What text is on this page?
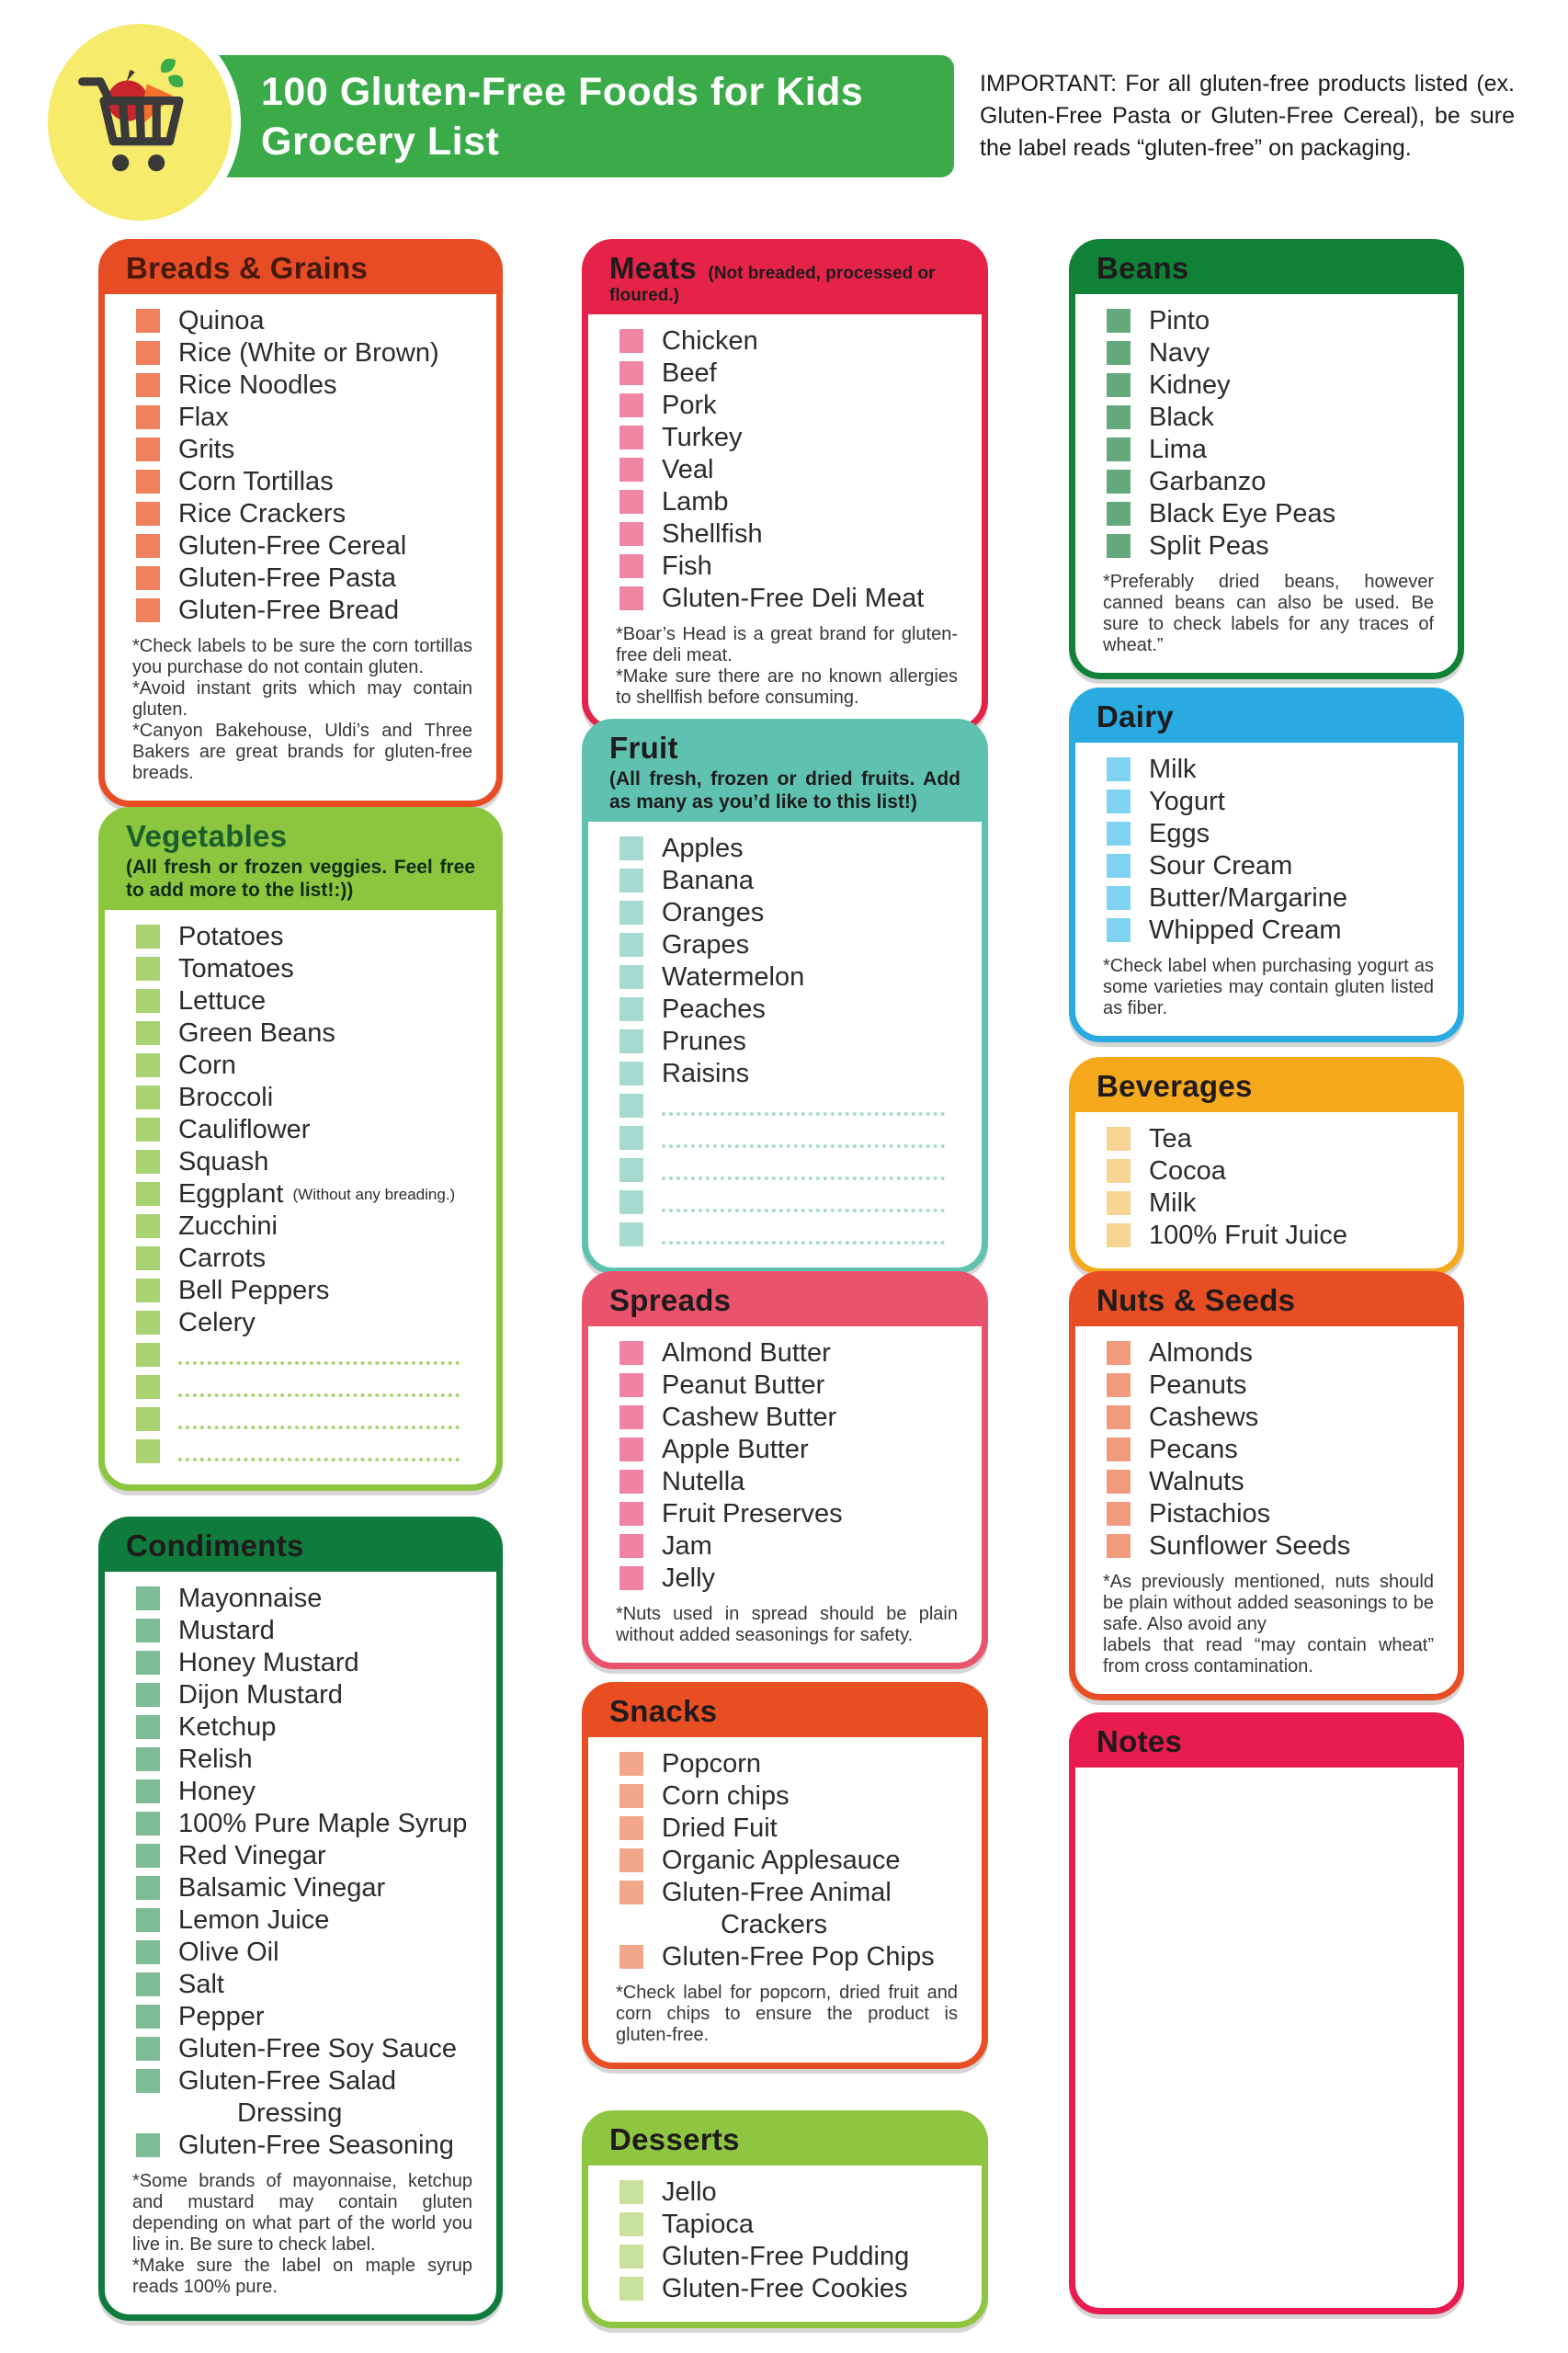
100 Gluten-Free Foods for Kids
Grocery List

IMPORTANT: For all gluten-free products listed (ex. Gluten-Free Pasta or Gluten-Free Cereal), be sure the label reads “gluten-free” on packaging.

Breads & Grains
Quinoa
Rice (White or Brown)
Rice Noodles
Flax
Grits
Corn Tortillas
Rice Crackers
Gluten-Free Cereal
Gluten-Free Pasta
Gluten-Free Bread

*Check labels to be sure the corn tortillas you purchase do not contain gluten.

*Avoid instant grits which may contain gluten.

*Canyon Bakehouse, Uldi’s and Three Bakers are great brands for gluten-free breads.

Vegetables
(All fresh or frozen veggies. Feel free to add more to the list!:))
Potatoes
Tomatoes
Lettuce
Green Beans
Corn
Broccoli
Cauliflower
Squash
Eggplant (Without any breading.)
Zucchini
Carrots
Bell Peppers
Celery
Condiments
Mayonnaise
Mustard
Honey Mustard
Dijon Mustard
Ketchup
Relish
Honey
100% Pure Maple Syrup
Red Vinegar
Balsamic Vinegar
Lemon Juice
Olive Oil
Salt
Pepper
Gluten-Free Soy Sauce
Gluten-Free Salad Dressing
Gluten-Free Seasoning

*Some brands of mayonnaise, ketchup and mustard may contain gluten depending on what part of the world you live in. Be sure to check label.

*Make sure the label on maple syrup reads 100% pure.

Meats (Not breaded, processed or floured.)
Chicken
Beef
Pork
Turkey
Veal
Lamb
Shellfish
Fish
Gluten-Free Deli Meat

*Boar’s Head is a great brand for gluten-free deli meat.

*Make sure there are no known allergies to shellfish before consuming.

Fruit
(All fresh, frozen or dried fruits. Add as many as you’d like to this list!)
Apples
Banana
Oranges
Grapes
Watermelon
Peaches
Prunes
Raisins
Spreads
Almond Butter
Peanut Butter
Cashew Butter
Apple Butter
Nutella
Fruit Preserves
Jam
Jelly

*Nuts used in spread should be plain without added seasonings for safety.

Snacks
Popcorn
Corn chips
Dried Fuit
Organic Applesauce
Gluten-Free Animal Crackers
Gluten-Free Pop Chips

*Check label for popcorn, dried fruit and corn chips to ensure the product is gluten-free.

Desserts
Jello
Tapioca
Gluten-Free Pudding
Gluten-Free Cookies
Beans
Pinto
Navy
Kidney
Black
Lima
Garbanzo
Black Eye Peas
Split Peas

*Preferably dried beans, however canned beans can also be used. Be sure to check labels for any traces of wheat.”

Dairy
Milk
Yogurt
Eggs
Sour Cream
Butter/Margarine
Whipped Cream

*Check label when purchasing yogurt as some varieties may contain gluten listed as fiber.

Beverages
Tea
Cocoa
Milk
100% Fruit Juice
Nuts & Seeds
Almonds
Peanuts
Cashews
Pecans
Walnuts
Pistachios
Sunflower Seeds

*As previously mentioned, nuts should be plain without added seasonings to be safe. Also avoid any

labels that read “may contain wheat” from cross contamination.

Notes
